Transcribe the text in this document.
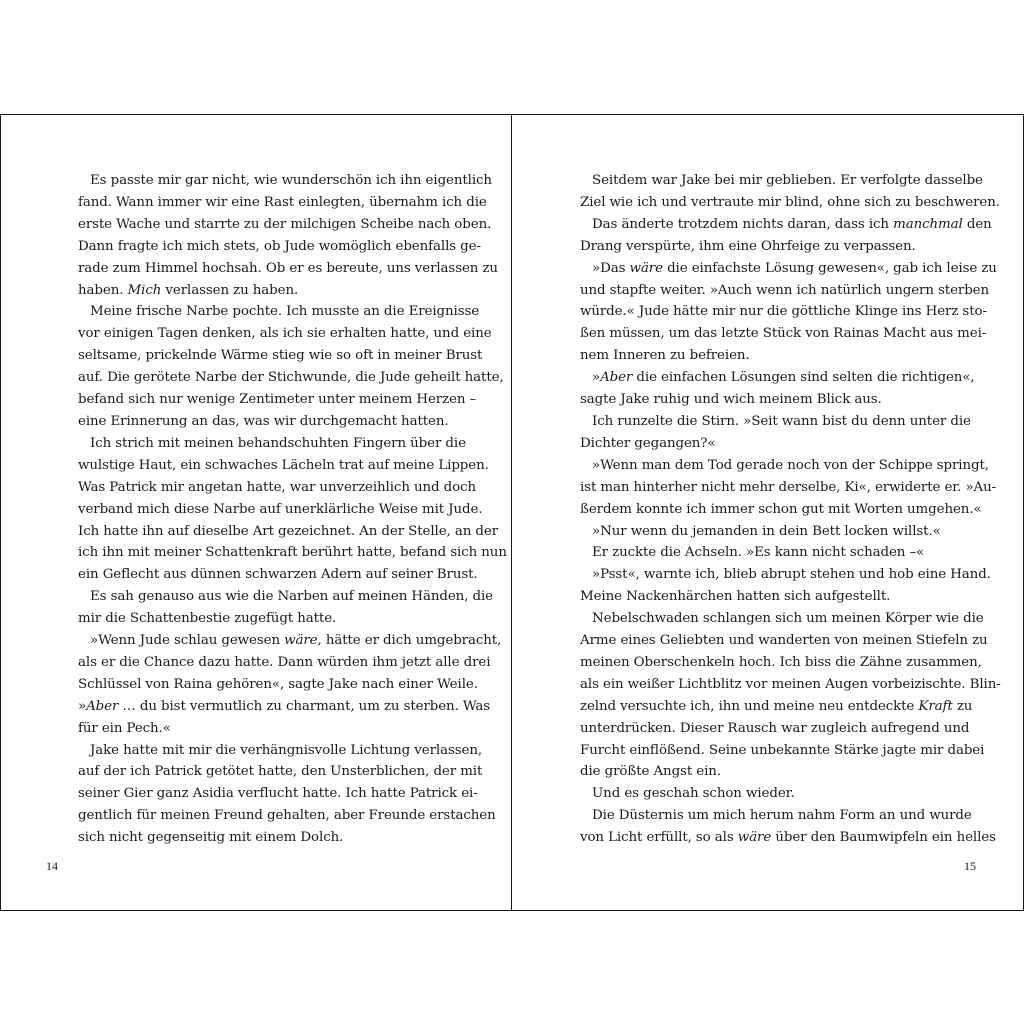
Es passte mir gar nicht, wie wunderschön ich ihn eigentlich
fand. Wann immer wir eine Rast einlegten, übernahm ich die
erste Wache und starrte zu der milchigen Scheibe nach oben.
Dann fragte ich mich stets, ob Jude womöglich ebenfalls ge-
rade zum Himmel hochsah. Ob er es bereute, uns verlassen zu
haben. Mich verlassen zu haben.
Meine frische Narbe pochte. Ich musste an die Ereignisse
vor einigen Tagen denken, als ich sie erhalten hatte, und eine
seltsame, prickelnde Wärme stieg wie so oft in meiner Brust
auf. Die gerötete Narbe der Stichwunde, die Jude geheilt hatte,
befand sich nur wenige Zentimeter unter meinem Herzen –
eine Erinnerung an das, was wir durchgemacht hatten.
Ich strich mit meinen behandschuhten Fingern über die
wulstige Haut, ein schwaches Lächeln trat auf meine Lippen.
Was Patrick mir angetan hatte, war unverzeihlich und doch
verband mich diese Narbe auf unerklärliche Weise mit Jude.
Ich hatte ihn auf dieselbe Art gezeichnet. An der Stelle, an der
ich ihn mit meiner Schattenkraft berührt hatte, befand sich nun
ein Geflecht aus dünnen schwarzen Adern auf seiner Brust.
Es sah genauso aus wie die Narben auf meinen Händen, die
mir die Schattenbestie zugefügt hatte.
»Wenn Jude schlau gewesen wäre, hätte er dich umgebracht,
als er die Chance dazu hatte. Dann würden ihm jetzt alle drei
Schlüssel von Raina gehören«, sagte Jake nach einer Weile.
»Aber … du bist vermutlich zu charmant, um zu sterben. Was
für ein Pech.«
Jake hatte mit mir die verhängnisvolle Lichtung verlassen,
auf der ich Patrick getötet hatte, den Unsterblichen, der mit
seiner Gier ganz Asidia verflucht hatte. Ich hatte Patrick ei-
gentlich für meinen Freund gehalten, aber Freunde erstachen
sich nicht gegenseitig mit einem Dolch.
14
Seitdem war Jake bei mir geblieben. Er verfolgte dasselbe
Ziel wie ich und vertraute mir blind, ohne sich zu beschweren.
Das änderte trotzdem nichts daran, dass ich manchmal den
Drang verspürte, ihm eine Ohrfeige zu verpassen.
»Das wäre die einfachste Lösung gewesen«, gab ich leise zu
und stapfte weiter. »Auch wenn ich natürlich ungern sterben
würde.« Jude hätte mir nur die göttliche Klinge ins Herz sto-
ßen müssen, um das letzte Stück von Rainas Macht aus mei-
nem Inneren zu befreien.
»Aber die einfachen Lösungen sind selten die richtigen«,
sagte Jake ruhig und wich meinem Blick aus.
Ich runzelte die Stirn. »Seit wann bist du denn unter die
Dichter gegangen?«
»Wenn man dem Tod gerade noch von der Schippe springt,
ist man hinterher nicht mehr derselbe, Ki«, erwiderte er. »Au-
ßerdem konnte ich immer schon gut mit Worten umgehen.«
»Nur wenn du jemanden in dein Bett locken willst.«
Er zuckte die Achseln. »Es kann nicht schaden –«
»Psst«, warnte ich, blieb abrupt stehen und hob eine Hand.
Meine Nackenhärchen hatten sich aufgestellt.
Nebelschwaden schlangen sich um meinen Körper wie die
Arme eines Geliebten und wanderten von meinen Stiefeln zu
meinen Oberschenkeln hoch. Ich biss die Zähne zusammen,
als ein weißer Lichtblitz vor meinen Augen vorbeizischte. Blin-
zelnd versuchte ich, ihn und meine neu entdeckte Kraft zu
unterdrücken. Dieser Rausch war zugleich aufregend und
Furcht einflößend. Seine unbekannte Stärke jagte mir dabei
die größte Angst ein.
Und es geschah schon wieder.
Die Düsternis um mich herum nahm Form an und wurde
von Licht erfüllt, so als wäre über den Baumwipfeln ein helles
15
